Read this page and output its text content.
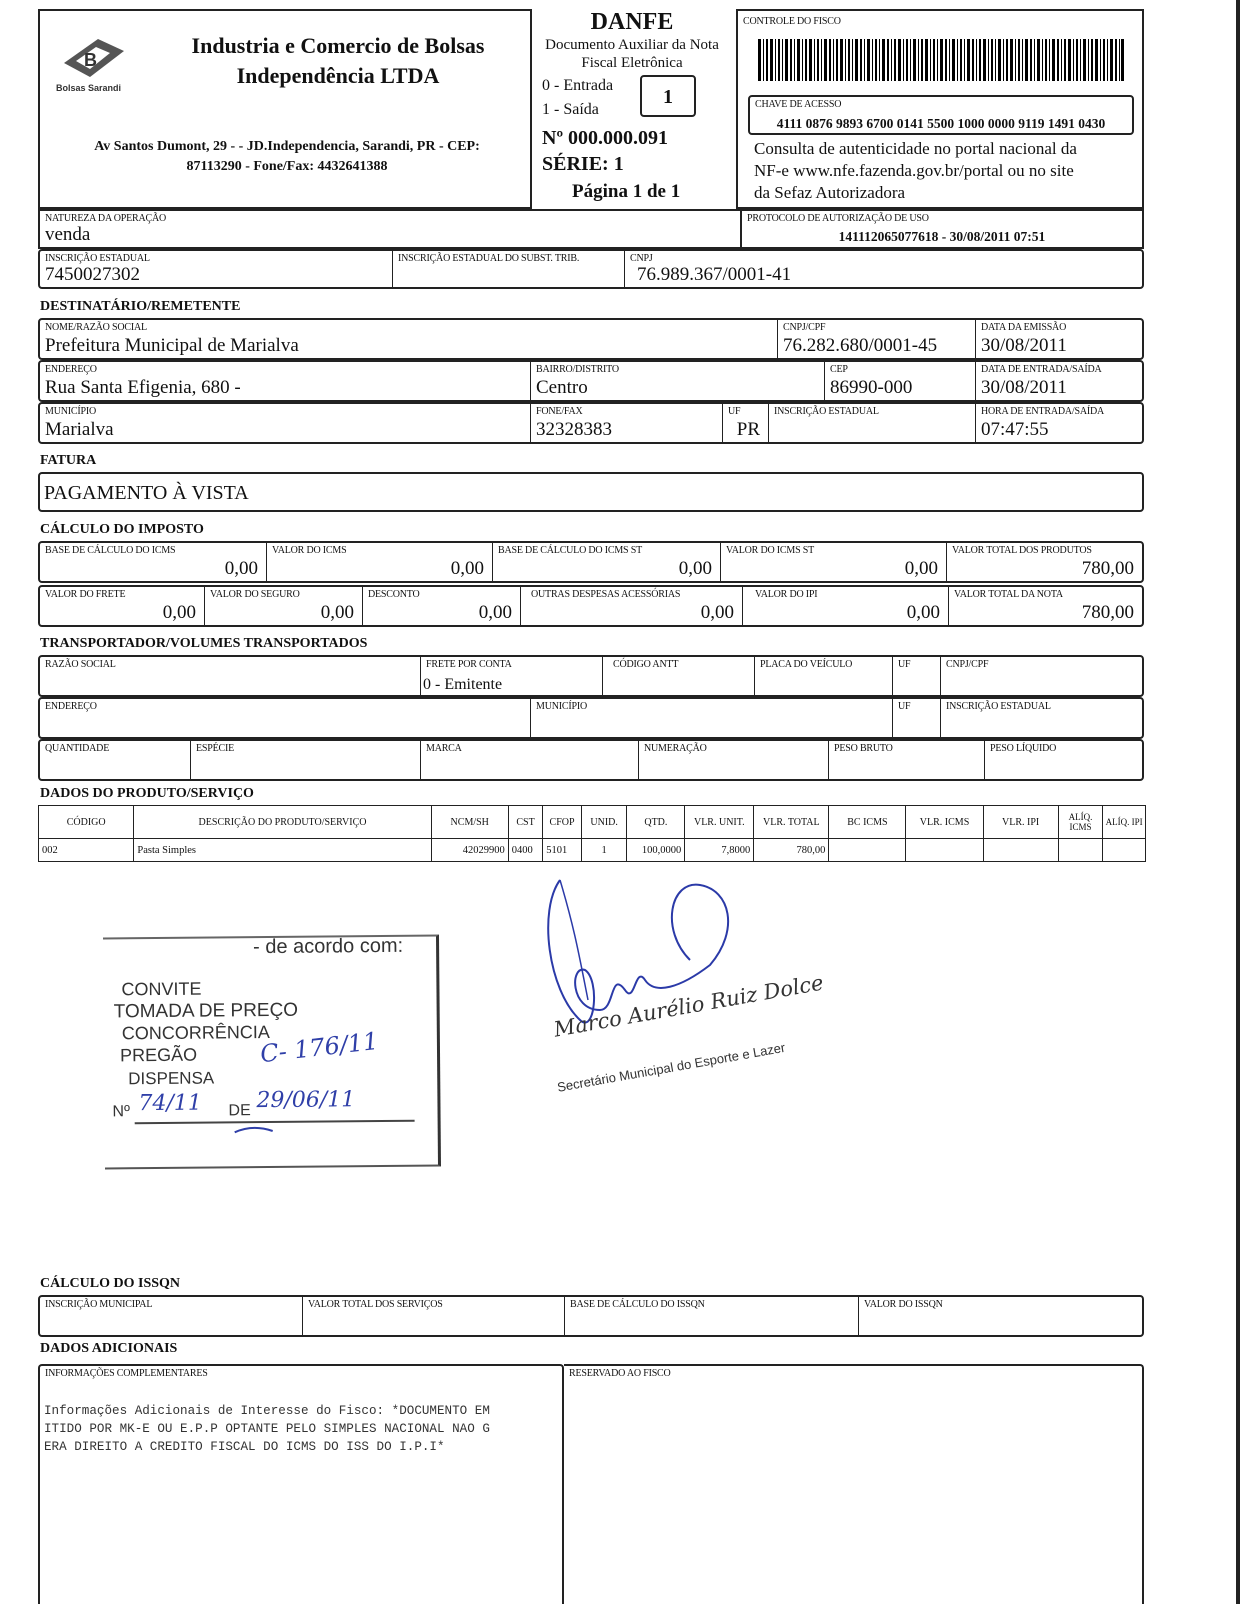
B
Bolsas Sarandi
Industria e Comercio de Bolsas
Independência LTDA
Av Santos Dumont, 29 - - JD.Independencia, Sarandi, PR - CEP:
87113290 - Fone/Fax: 4432641388
DANFE
Documento Auxiliar da Nota
Fiscal Eletrônica
0 - Entrada
1 - Saída
1
Nº 000.000.091
SÉRIE: 1
Página 1 de 1
CONTROLE DO FISCO
CHAVE DE ACESSO
4111 0876 9893 6700 0141 5500 1000 0000 9119 1491 0430
Consulta de autenticidade no portal nacional da
NF-e www.nfe.fazenda.gov.br/portal ou no site
da Sefaz Autorizadora
NATUREZA DA OPERAÇÃO
venda
PROTOCOLO DE AUTORIZAÇÃO DE USO
141112065077618 - 30/08/2011 07:51
INSCRIÇÃO ESTADUAL
7450027302
INSCRIÇÃO ESTADUAL DO SUBST. TRIB.	CNPJ
76.989.367/0001-41
DESTINATÁRIO/REMETENTE
NOME/RAZÃO SOCIAL
Prefeitura Municipal de Marialva
CNPJ/CPF
76.282.680/0001-45
DATA DA EMISSÃO
30/08/2011
ENDEREÇO
Rua Santa Efigenia, 680 -
BAIRRO/DISTRITO
Centro
CEP
86990-000
DATA DE ENTRADA/SAÍDA
30/08/2011
MUNICÍPIO
Marialva
FONE/FAX
32328383
UF
PR
INSCRIÇÃO ESTADUAL	HORA DE ENTRADA/SAÍDA
07:47:55
FATURA
PAGAMENTO À VISTA
CÁLCULO DO IMPOSTO
BASE DE CÁLCULO DO ICMS
0,00
VALOR DO ICMS
0,00
BASE DE CÁLCULO DO ICMS ST
0,00
VALOR DO ICMS ST
0,00
VALOR TOTAL DOS PRODUTOS
780,00
VALOR DO FRETE
0,00
VALOR DO SEGURO
0,00
DESCONTO
0,00
OUTRAS DESPESAS ACESSÓRIAS
0,00
VALOR DO IPI
0,00
VALOR TOTAL DA NOTA
780,00
TRANSPORTADOR/VOLUMES TRANSPORTADOS
RAZÃO SOCIAL	FRETE POR CONTA
0 - Emitente
CÓDIGO ANTT	PLACA DO VEÍCULO	UF	CNPJ/CPF
ENDEREÇO	MUNICÍPIO	UF	INSCRIÇÃO ESTADUAL
QUANTIDADE	ESPÉCIE	MARCA	NUMERAÇÃO	PESO BRUTO	PESO LÍQUIDO
DADOS DO PRODUTO/SERVIÇO
CÓDIGO	DESCRIÇÃO DO PRODUTO/SERVIÇO	NCM/SH	CST	CFOP	UNID.	QTD.	VLR. UNIT.	VLR. TOTAL	BC ICMS	VLR. ICMS	VLR. IPI	ALÍQ. ICMS	ALÍQ. IPI
002	Pasta Simples	42029900	0400	5101	1	100,0000	7,8000	780,00					
- de acordo com:
CONVITE
TOMADA DE PREÇO
CONCORRÊNCIA
PREGÃO	C- 176/11
DISPENSA
Nº 74/11 DE 29/06/11
Marco Aurélio Ruiz Dolce
Secretário Municipal do Esporte e Lazer
CÁLCULO DO ISSQN
INSCRIÇÃO MUNICIPAL	VALOR TOTAL DOS SERVIÇOS	BASE DE CÁLCULO DO ISSQN	VALOR DO ISSQN
DADOS ADICIONAIS
INFORMAÇÕES COMPLEMENTARES
Informações Adicionais de Interesse do Fisco: *DOCUMENTO EM
ITIDO POR MK-E OU E.P.P OPTANTE PELO SIMPLES NACIONAL NAO G
ERA DIREITO A CREDITO FISCAL DO ICMS DO ISS DO I.P.I*
RESERVADO AO FISCO
